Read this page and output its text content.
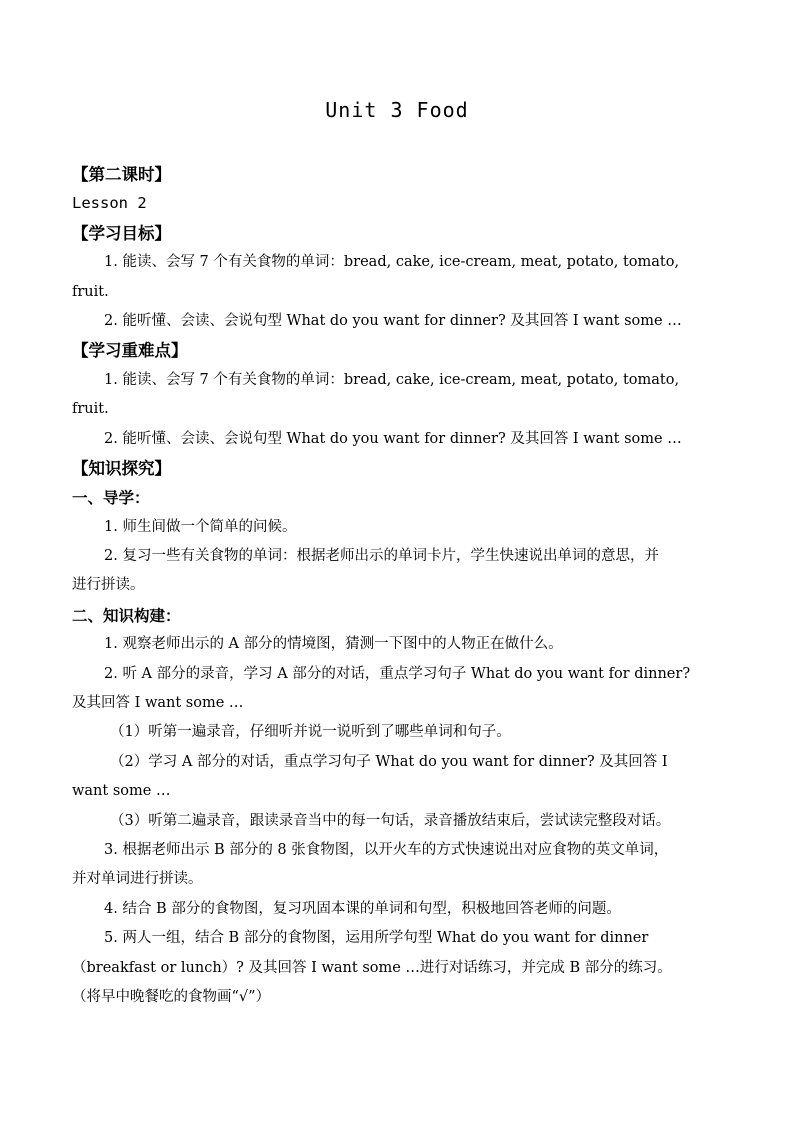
Unit 3 Food
【第二课时】
Lesson 2
【学习目标】
1. 能读、会写 7 个有关食物的单词：bread, cake, ice-cream, meat, potato, tomato,
fruit.
2. 能听懂、会读、会说句型 What do you want for dinner? 及其回答 I want some …
【学习重难点】
1. 能读、会写 7 个有关食物的单词：bread, cake, ice-cream, meat, potato, tomato,
fruit.
2. 能听懂、会读、会说句型 What do you want for dinner? 及其回答 I want some …
【知识探究】
一、导学：
1. 师生间做一个简单的问候。
2. 复习一些有关食物的单词：根据老师出示的单词卡片，学生快速说出单词的意思，并
进行拼读。
二、知识构建：
1. 观察老师出示的 A 部分的情境图，猜测一下图中的人物正在做什么。
2. 听 A 部分的录音，学习 A 部分的对话，重点学习句子 What do you want for dinner?
及其回答 I want some …
（1）听第一遍录音，仔细听并说一说听到了哪些单词和句子。
（2）学习 A 部分的对话，重点学习句子 What do you want for dinner? 及其回答 I
want some …
（3）听第二遍录音，跟读录音当中的每一句话，录音播放结束后，尝试读完整段对话。
3. 根据老师出示 B 部分的 8 张食物图，以开火车的方式快速说出对应食物的英文单词，
并对单词进行拼读。
4. 结合 B 部分的食物图，复习巩固本课的单词和句型，积极地回答老师的问题。
5. 两人一组，结合 B 部分的食物图，运用所学句型 What do you want for dinner
（breakfast or lunch）? 及其回答 I want some …进行对话练习，并完成 B 部分的练习。
（将早中晚餐吃的食物画“√”）
